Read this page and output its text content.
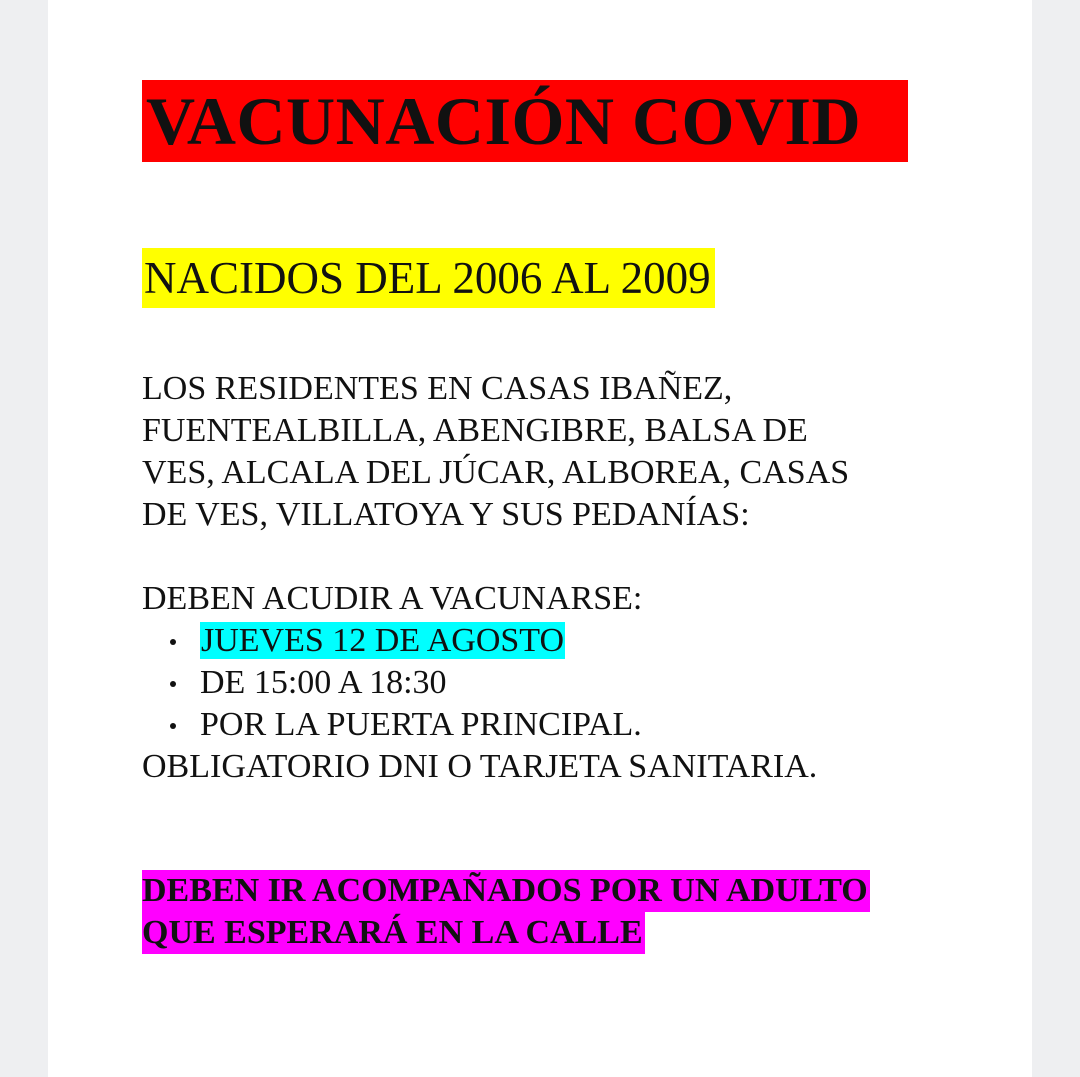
VACUNACIÓN COVID
NACIDOS DEL 2006 AL 2009
LOS RESIDENTES EN CASAS IBAÑEZ,
FUENTEALBILLA, ABENGIBRE, BALSA DE
VES, ALCALA DEL JÚCAR, ALBOREA, CASAS
DE VES, VILLATOYA Y SUS PEDANÍAS:
DEBEN ACUDIR A VACUNARSE:
JUEVES 12 DE AGOSTO
DE 15:00 A 18:30
POR LA PUERTA PRINCIPAL.
OBLIGATORIO DNI O TARJETA SANITARIA.
DEBEN IR ACOMPAÑADOS POR UN ADULTO
QUE ESPERARÁ EN LA CALLE
